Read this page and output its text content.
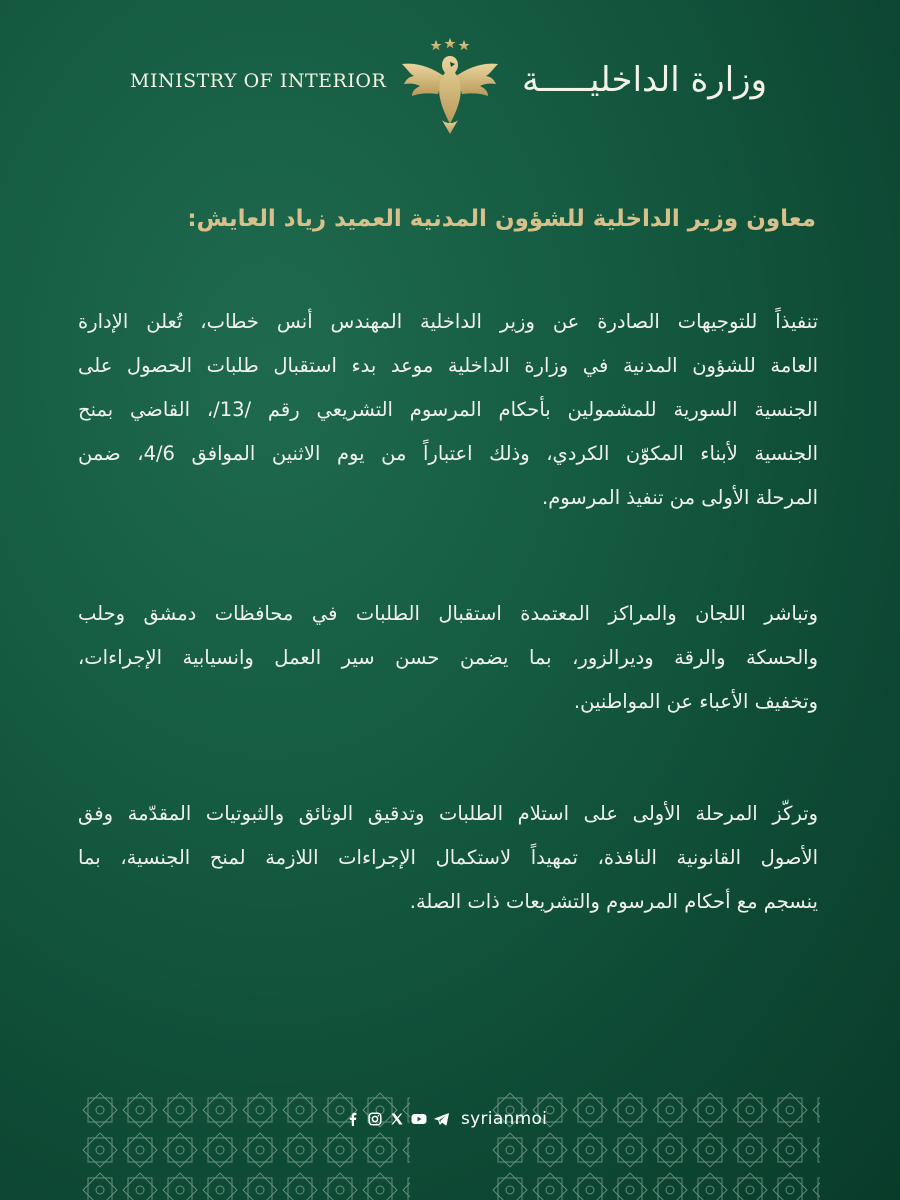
MINISTRY OF INTERIOR	وزارة الداخليـــــة
معاون وزير الداخلية للشؤون المدنية العميد زياد العايش:
تنفيذاً للتوجيهات الصادرة عن وزير الداخلية المهندس أنس خطاب، تُعلن الإدارة
العامة للشؤون المدنية في وزارة الداخلية موعد بدء استقبال طلبات الحصول على
الجنسية السورية للمشمولين بأحكام المرسوم التشريعي رقم /13/، القاضي بمنح
الجنسية لأبناء المكوّن الكردي، وذلك اعتباراً من يوم الاثنين الموافق 4/6، ضمن
المرحلة الأولى من تنفيذ المرسوم.
وتباشر اللجان والمراكز المعتمدة استقبال الطلبات في محافظات دمشق وحلب
والحسكة والرقة وديرالزور، بما يضمن حسن سير العمل وانسيابية الإجراءات،
وتخفيف الأعباء عن المواطنين.
وتركّز المرحلة الأولى على استلام الطلبات وتدقيق الوثائق والثبوتيات المقدّمة وفق
الأصول القانونية النافذة، تمهيداً لاستكمال الإجراءات اللازمة لمنح الجنسية، بما
ينسجم مع أحكام المرسوم والتشريعات ذات الصلة.
syrianmoi
